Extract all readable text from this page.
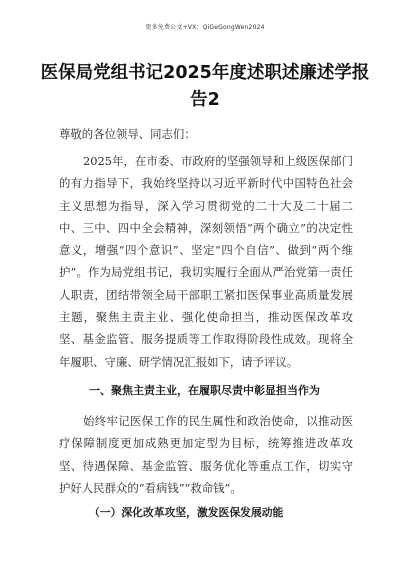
更多免费公文+VX：QiGeGongWen2024
医保局党组书记2025年度述职述廉述学报告2

尊敬的各位领导、同志们：

2025年，在市委、市政府的坚强领导和上级医保部门的有力指导下，我始终坚持以习近平新时代中国特色社会主义思想为指导，深入学习贯彻党的二十大及二十届二中、三中、四中全会精神，深刻领悟“两个确立”的决定性意义，增强“四个意识”、坚定“四个自信”、做到“两个维护”。作为局党组书记，我切实履行全面从严治党第一责任人职责，团结带领全局干部职工紧扣医保事业高质量发展主题，聚焦主责主业、强化使命担当，推动医保改革攻坚、基金监管、服务提质等工作取得阶段性成效。现将全年履职、守廉、研学情况汇报如下，请予评议。

一、聚焦主责主业，在履职尽责中彰显担当作为

始终牢记医保工作的民生属性和政治使命，以推动医疗保障制度更加成熟更加定型为目标，统筹推进改革攻坚、待遇保障、基金监管、服务优化等重点工作，切实守护好人民群众的“看病钱”“救命钱”。

（一）深化改革攻坚，激发医保发展动能
